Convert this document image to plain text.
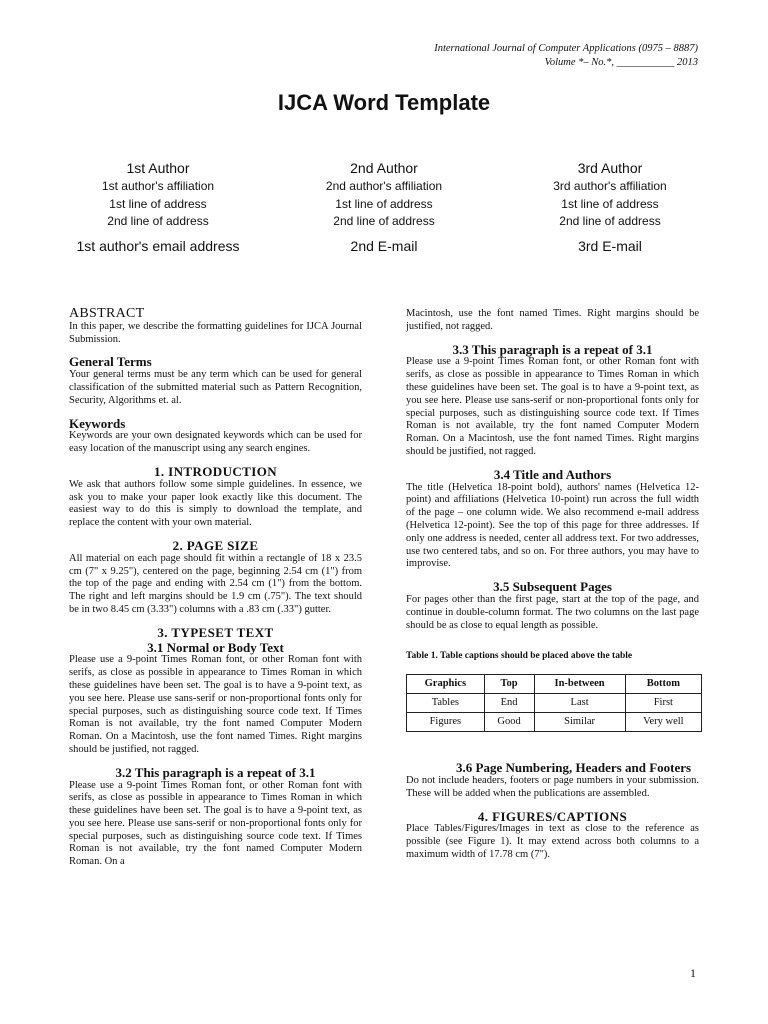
International Journal of Computer Applications (0975 – 8887)
Volume *– No.*, ___________ 2013
IJCA Word Template
1st Author
1st author's affiliation
1st line of address
2nd line of address
1st author's email address
2nd Author
2nd author's affiliation
1st line of address
2nd line of address
2nd E-mail
3rd Author
3rd author's affiliation
1st line of address
2nd line of address
3rd E-mail
ABSTRACT

In this paper, we describe the formatting guidelines for IJCA Journal Submission.

General Terms

Your general terms must be any term which can be used for general classification of the submitted material such as Pattern Recognition, Security, Algorithms et. al.

Keywords

Keywords are your own designated keywords which can be used for easy location of the manuscript using any search engines.

1. INTRODUCTION

We ask that authors follow some simple guidelines. In essence, we ask you to make your paper look exactly like this document. The easiest way to do this is simply to download the template, and replace the content with your own material.

2. PAGE SIZE

All material on each page should fit within a rectangle of 18 x 23.5 cm (7" x 9.25"), centered on the page, beginning 2.54 cm (1") from the top of the page and ending with 2.54 cm (1") from the bottom. The right and left margins should be 1.9 cm (.75"). The text should be in two 8.45 cm (3.33") columns with a .83 cm (.33") gutter.

3. TYPESET TEXT
3.1 Normal or Body Text

Please use a 9-point Times Roman font, or other Roman font with serifs, as close as possible in appearance to Times Roman in which these guidelines have been set. The goal is to have a 9-point text, as you see here. Please use sans-serif or non-proportional fonts only for special purposes, such as distinguishing source code text. If Times Roman is not available, try the font named Computer Modern Roman. On a Macintosh, use the font named Times. Right margins should be justified, not ragged.

3.2 This paragraph is a repeat of 3.1

Please use a 9-point Times Roman font, or other Roman font with serifs, as close as possible in appearance to Times Roman in which these guidelines have been set. The goal is to have a 9-point text, as you see here. Please use sans-serif or non-proportional fonts only for special purposes, such as distinguishing source code text. If Times Roman is not available, try the font named Computer Modern Roman. On a

Macintosh, use the font named Times. Right margins should be justified, not ragged.

3.3 This paragraph is a repeat of 3.1

Please use a 9-point Times Roman font, or other Roman font with serifs, as close as possible in appearance to Times Roman in which these guidelines have been set. The goal is to have a 9-point text, as you see here. Please use sans-serif or non-proportional fonts only for special purposes, such as distinguishing source code text. If Times Roman is not available, try the font named Computer Modern Roman. On a Macintosh, use the font named Times. Right margins should be justified, not ragged.

3.4 Title and Authors

The title (Helvetica 18-point bold), authors' names (Helvetica 12-point) and affiliations (Helvetica 10-point) run across the full width of the page – one column wide. We also recommend e-mail address (Helvetica 12-point). See the top of this page for three addresses. If only one address is needed, center all address text. For two addresses, use two centered tabs, and so on. For three authors, you may have to improvise.

3.5 Subsequent Pages

For pages other than the first page, start at the top of the page, and continue in double-column format. The two columns on the last page should be as close to equal length as possible.

Table 1. Table captions should be placed above the table

Graphics	Top	In-between	Bottom
Tables	End	Last	First
Figures	Good	Similar	Very well
3.6 Page Numbering, Headers and Footers

Do not include headers, footers or page numbers in your submission. These will be added when the publications are assembled.

4. FIGURES/CAPTIONS

Place Tables/Figures/Images in text as close to the reference as possible (see Figure 1). It may extend across both columns to a maximum width of 17.78 cm (7").

1
